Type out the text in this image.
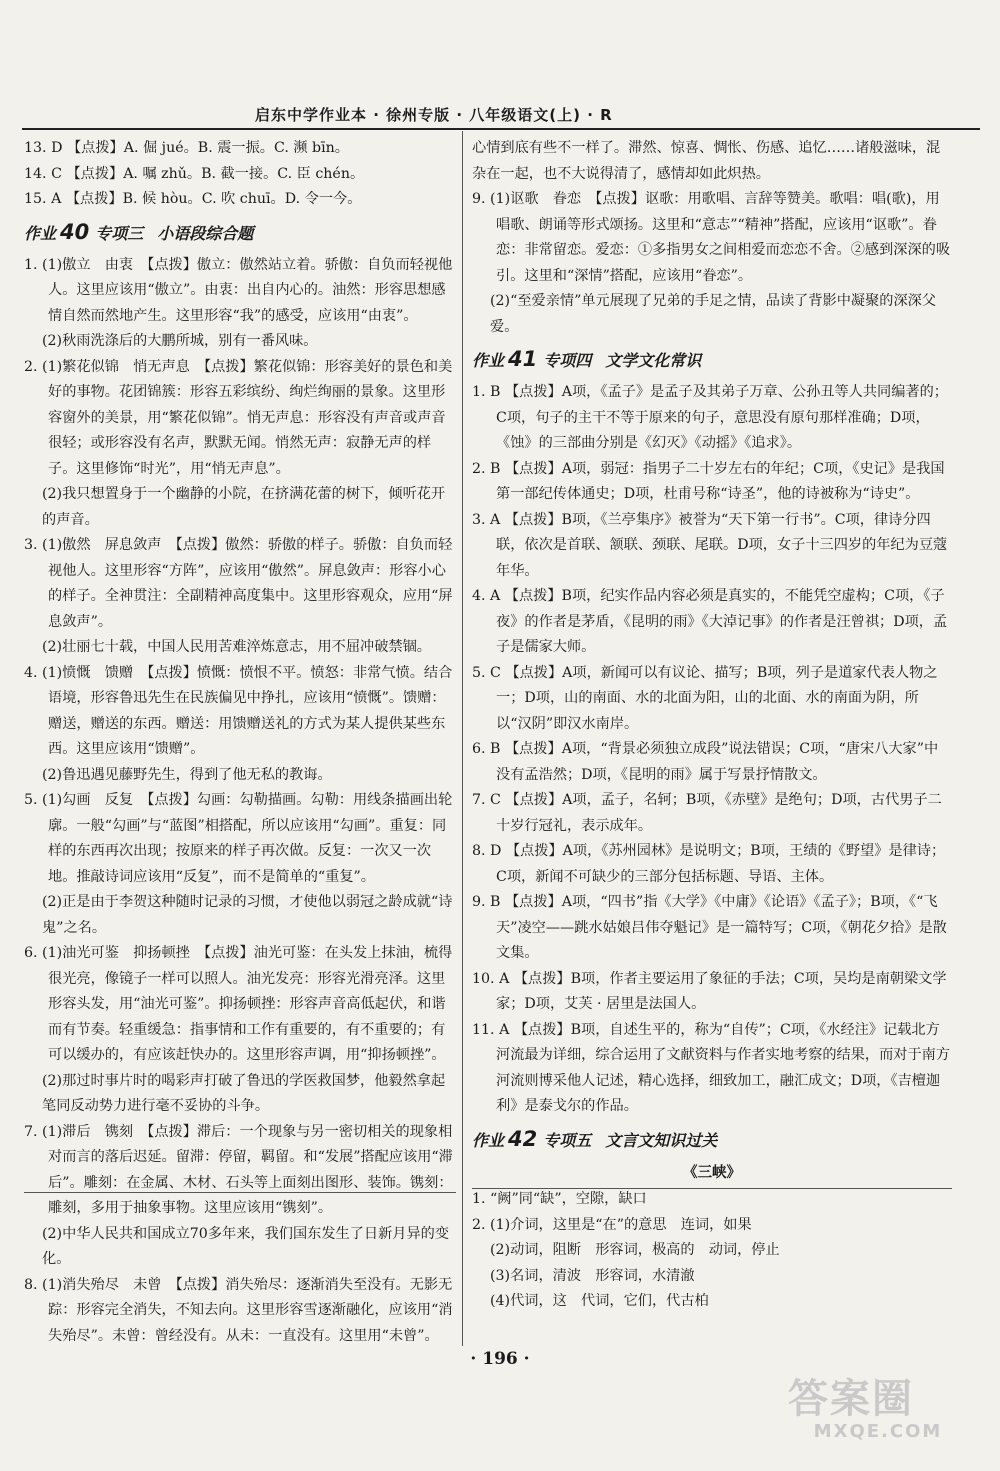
启东中学作业本 · 徐州专版 · 八年级语文(上) · R

13. D 【点拨】A. 倔 jué。B. 震一振。C. 濒 bīn。

14. C 【点拨】A. 嘱 zhǔ。B. 截一接。C. 臣 chén。

15. A 【点拨】B. 候 hòu。C. 吹 chuī。D. 令一今。

作业 40 专项三 小语段综合题

1. (1)傲立　由衷　【点拨】傲立：傲然站立着。骄傲：自负而轻视他人。这里应该用“傲立”。由衷：出自内心的。油然：形容思想感情自然而然地产生。这里形容“我”的感受，应该用“由衷”。

(2)秋雨洗涤后的大鹏所城，别有一番风味。

2. (1)繁花似锦　悄无声息　【点拨】繁花似锦：形容美好的景色和美好的事物。花团锦簇：形容五彩缤纷、绚烂绚丽的景象。这里形容窗外的美景，用“繁花似锦”。悄无声息：形容没有声音或声音很轻；或形容没有名声，默默无闻。悄然无声：寂静无声的样子。这里修饰“时光”，用“悄无声息”。

(2)我只想置身于一个幽静的小院，在挤满花蕾的树下，倾听花开的声音。

3. (1)傲然　屏息敛声　【点拨】傲然：骄傲的样子。骄傲：自负而轻视他人。这里形容“方阵”，应该用“傲然”。屏息敛声：形容小心的样子。全神贯注：全副精神高度集中。这里形容观众，应用“屏息敛声”。

(2)壮丽七十载，中国人民用苦难淬炼意志，用不屈冲破禁锢。

4. (1)愤慨　馈赠　【点拨】愤慨：愤恨不平。愤怒：非常气愤。结合语境，形容鲁迅先生在民族偏见中挣扎，应该用“愤慨”。馈赠：赠送，赠送的东西。赠送：用馈赠送礼的方式为某人提供某些东西。这里应该用“馈赠”。

(2)鲁迅遇见藤野先生，得到了他无私的教诲。

5. (1)勾画　反复　【点拨】勾画：勾勒描画。勾勒：用线条描画出轮廓。一般“勾画”与“蓝图”相搭配，所以应该用“勾画”。重复：同样的东西再次出现；按原来的样子再次做。反复：一次又一次地。推敲诗词应该用“反复”，而不是简单的“重复”。

(2)正是由于李贺这种随时记录的习惯，才使他以弱冠之龄成就“诗鬼”之名。

6. (1)油光可鉴　抑扬顿挫　【点拨】油光可鉴：在头发上抹油，梳得很光亮，像镜子一样可以照人。油光发亮：形容光滑亮泽。这里形容头发，用“油光可鉴”。抑扬顿挫：形容声音高低起伏，和谐而有节奏。轻重缓急：指事情和工作有重要的，有不重要的；有可以缓办的，有应该赶快办的。这里形容声调，用“抑扬顿挫”。

(2)那过时事片时的喝彩声打破了鲁迅的学医救国梦，他毅然拿起笔同反动势力进行毫不妥协的斗争。

7. (1)滞后　镌刻　【点拨】滞后：一个现象与另一密切相关的现象相对而言的落后迟延。留滞：停留，羁留。和“发展”搭配应该用“滞后”。雕刻：在金属、木材、石头等上面刻出图形、装饰。镌刻：雕刻，多用于抽象事物。这里应该用“镌刻”。

(2)中华人民共和国成立70多年来，我们国东发生了日新月异的变化。

8. (1)消失殆尽　未曾　【点拨】消失殆尽：逐渐消失至没有。无影无踪：形容完全消失，不知去向。这里形容雪逐渐融化，应该用“消失殆尽”。未曾：曾经没有。从未：一直没有。这里用“未曾”。

心情到底有些不一样了。滞然、惊喜、惆怅、伤感、追忆……诸般滋味，混杂在一起，也不大说得清了，感情却如此炽热。

9. (1)讴歌　眷恋　【点拨】讴歌：用歌唱、言辞等赞美。歌唱：唱(歌)，用唱歌、朗诵等形式颂扬。这里和“意志”“精神”搭配，应该用“讴歌”。眷恋：非常留恋。爱恋：①多指男女之间相爱而恋恋不舍。②感到深深的吸引。这里和“深情”搭配，应该用“眷恋”。

(2)“至爱亲情”单元展现了兄弟的手足之情，品读了背影中凝聚的深深父爱。

作业 41 专项四 文学文化常识

1. B 【点拨】A项，《孟子》是孟子及其弟子万章、公孙丑等人共同编著的；C项，句子的主干不等于原来的句子，意思没有原句那样准确；D项，《蚀》的三部曲分别是《幻灭》《动摇》《追求》。

2. B 【点拨】A项，弱冠：指男子二十岁左右的年纪；C项，《史记》是我国第一部纪传体通史；D项，杜甫号称“诗圣”，他的诗被称为“诗史”。

3. A 【点拨】B项，《兰亭集序》被誉为“天下第一行书”。C项，律诗分四联，依次是首联、颔联、颈联、尾联。D项，女子十三四岁的年纪为豆蔻年华。

4. A 【点拨】B项，纪实作品内容必须是真实的，不能凭空虚构；C项，《子夜》的作者是茅盾，《昆明的雨》《大淖记事》的作者是汪曾祺；D项，孟子是儒家大师。

5. C 【点拨】A项，新闻可以有议论、描写；B项，列子是道家代表人物之一；D项，山的南面、水的北面为阳，山的北面、水的南面为阴，所以“汉阴”即汉水南岸。

6. B 【点拨】A项，“背景必须独立成段”说法错误；C项，“唐宋八大家”中没有孟浩然；D项，《昆明的雨》属于写景抒情散文。

7. C 【点拨】A项，孟子，名轲；B项，《赤壁》是绝句；D项，古代男子二十岁行冠礼，表示成年。

8. D 【点拨】A项，《苏州园林》是说明文；B项，王绩的《野望》是律诗；C项，新闻不可缺少的三部分包括标题、导语、主体。

9. B 【点拨】A项，“四书”指《大学》《中庸》《论语》《孟子》；B项，《“飞天”凌空——跳水姑娘吕伟夺魁记》是一篇特写；C项，《朝花夕拾》是散文集。

10. A 【点拨】B项，作者主要运用了象征的手法；C项，吴均是南朝梁文学家；D项，艾芙 · 居里是法国人。

11. A 【点拨】B项，自述生平的，称为“自传”；C项，《水经注》记载北方河流最为详细，综合运用了文献资料与作者实地考察的结果，而对于南方河流则博采他人记述，精心选择，细致加工，融汇成文；D项，《吉檀迦利》是泰戈尔的作品。

作业 42 专项五 文言文知识过关

《三峡》

1. “阙”同“缺”，空隙，缺口

2. (1)介词，这里是“在”的意思　连词，如果

(2)动词，阻断　形容词，极高的　动词，停止

(3)名词，清波　形容词，水清澈

(4)代词，这　代词，它们，代古柏

· 196 ·
答案圈
MXQE.COM
